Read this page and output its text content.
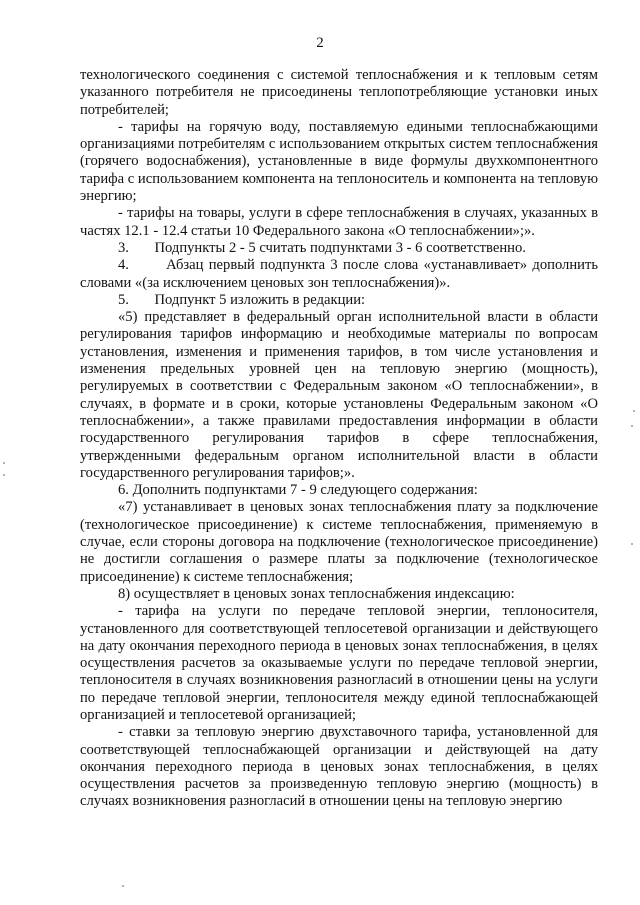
2

технологического соединения с системой теплоснабжения и к тепловым сетям указанного потребителя не присоединены теплопотребляющие установки иных потребителей;

- тарифы на горячую воду, поставляемую едиными теплоснабжающими организациями потребителям с использованием открытых систем теплоснабжения (горячего водоснабжения), установленные в виде формулы двухкомпонентного тарифа с использованием компонента на теплоноситель и компонента на тепловую энергию;

- тарифы на товары, услуги в сфере теплоснабжения в случаях, указанных в частях 12.1 - 12.4 статьи 10 Федерального закона «О теплоснабжении»;».

3.       Подпункты 2 - 5 считать подпунктами 3 - 6 соответственно.

4.       Абзац первый подпункта 3 после слова «устанавливает» дополнить словами «(за исключением ценовых зон теплоснабжения)».

5.       Подпункт 5 изложить в редакции:

«5) представляет в федеральный орган исполнительной власти в области регулирования тарифов информацию и необходимые материалы по вопросам установления, изменения и применения тарифов, в том числе установления и изменения предельных уровней цен на тепловую энергию (мощность), регулируемых в соответствии с Федеральным законом «О теплоснабжении», в случаях, в формате и в сроки, которые установлены Федеральным законом «О теплоснабжении», а также правилами предоставления информации в области государственного регулирования тарифов в сфере теплоснабжения, утвержденными федеральным органом исполнительной власти в области государственного регулирования тарифов;».

6. Дополнить подпунктами 7 - 9 следующего содержания:

«7) устанавливает в ценовых зонах теплоснабжения плату за подключение (технологическое присоединение) к системе теплоснабжения, применяемую в случае, если стороны договора на подключение (технологическое присоединение) не достигли соглашения о размере платы за подключение (технологическое присоединение) к системе теплоснабжения;

8) осуществляет в ценовых зонах теплоснабжения индексацию:

- тарифа на услуги по передаче тепловой энергии, теплоносителя, установленного для соответствующей теплосетевой организации и действующего на дату окончания переходного периода в ценовых зонах теплоснабжения, в целях осуществления расчетов за оказываемые услуги по передаче тепловой энергии, теплоносителя в случаях возникновения разногласий в отношении цены на услуги по передаче тепловой энергии, теплоносителя между единой теплоснабжающей организацией и теплосетевой организацией;

- ставки за тепловую энергию двухставочного тарифа, установленной для соответствующей теплоснабжающей организации и действующей на дату окончания переходного периода в ценовых зонах теплоснабжения, в целях осуществления расчетов за произведенную тепловую энергию (мощность) в случаях возникновения разногласий в отношении цены на тепловую энергию
